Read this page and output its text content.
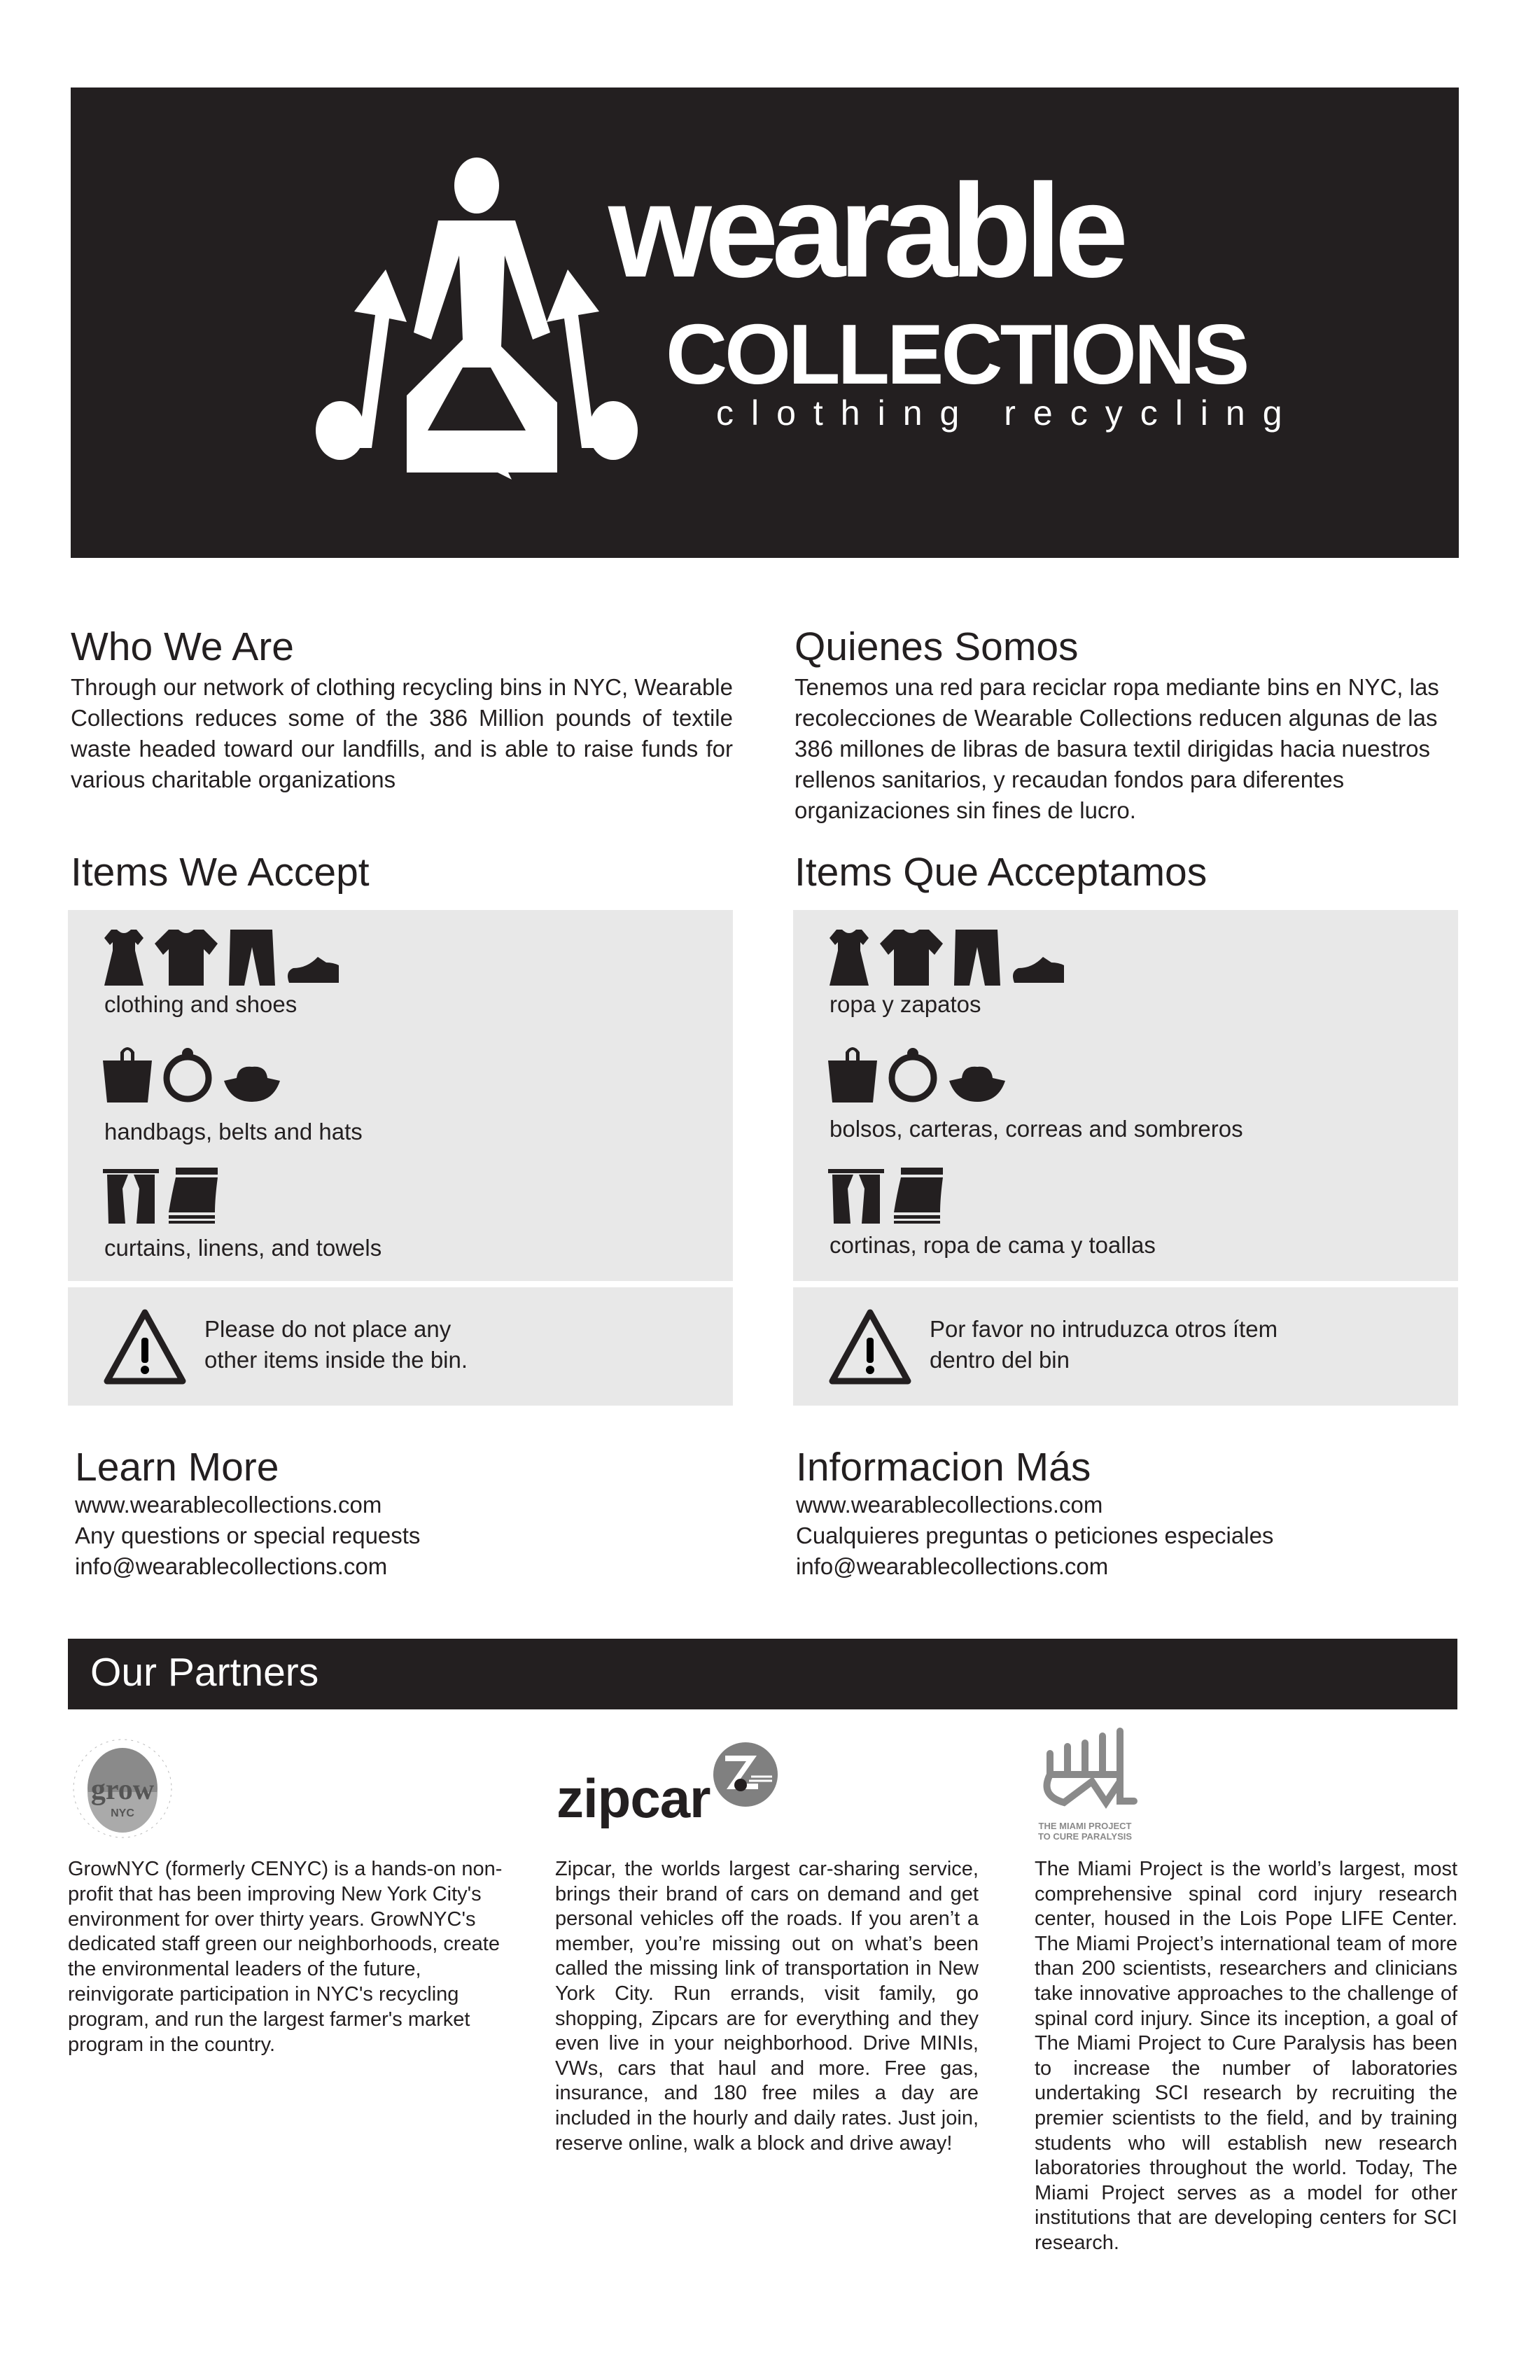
wearable
COLLECTIONS
clothing recycling
Who We Are
Through our network of clothing recycling bins in NYC, Wearable Collections reduces some of the 386 Million pounds of textile waste headed toward our landfills, and is able to raise funds for various charitable organizations
Items We Accept
clothing and shoes
handbags, belts and hats
curtains, linens, and towels
Please do not place any
other items inside the bin.
Learn More
www.wearablecollections.com
Any questions or special requests
info@wearablecollections.com
Quienes Somos
Tenemos una red para reciclar ropa mediante bins en NYC, las recolecciones de Wearable Collections reducen algunas de las 386 millones de libras de basura textil dirigidas hacia nuestros rellenos sanitarios, y recaudan fondos para diferentes organizaciones sin fines de lucro.
Items Que Acceptamos
ropa y zapatos
bolsos, carteras, correas and sombreros
cortinas, ropa de cama y toallas
Por favor no intruduzca otros ítem
dentro del bin
Informacion Más
www.wearablecollections.com
Cualquieres preguntas o peticiones especiales
info@wearablecollections.com
Our Partners
grow
NYC
GrowNYC (formerly CENYC) is a hands-on non-profit that has been improving New York City's environment for over thirty years. GrowNYC's dedicated staff green our neighborhoods, create the environmental leaders of the future, reinvigorate participation in NYC's recycling program, and run the largest farmer's market program in the country.
zipcar
Zipcar, the worlds largest car-sharing service, brings their brand of cars on demand and get personal vehicles off the roads. If you aren’t a member, you’re missing out on what’s been called the missing link of transportation in New York City. Run errands, visit family, go shopping, Zipcars are for everything and they even live in your neighborhood. Drive MINIs, VWs, cars that haul and more. Free gas, insurance, and 180 free miles a day are included in the hourly and daily rates. Just join, reserve online, walk a block and drive away!
THE MIAMI PROJECT
TO CURE PARALYSIS
The Miami Project is the world’s largest, most comprehensive spinal cord injury research center, housed in the Lois Pope LIFE Center. The Miami Project’s international team of more than 200 scientists, researchers and clinicians take innovative approaches to the challenge of spinal cord injury. Since its inception, a goal of The Miami Project to Cure Paralysis has been to increase the number of laboratories undertaking SCI research by recruiting the premier scientists to the field, and by training students who will establish new research laboratories throughout the world. Today, The Miami Project serves as a model for other institutions that are developing centers for SCI research.
